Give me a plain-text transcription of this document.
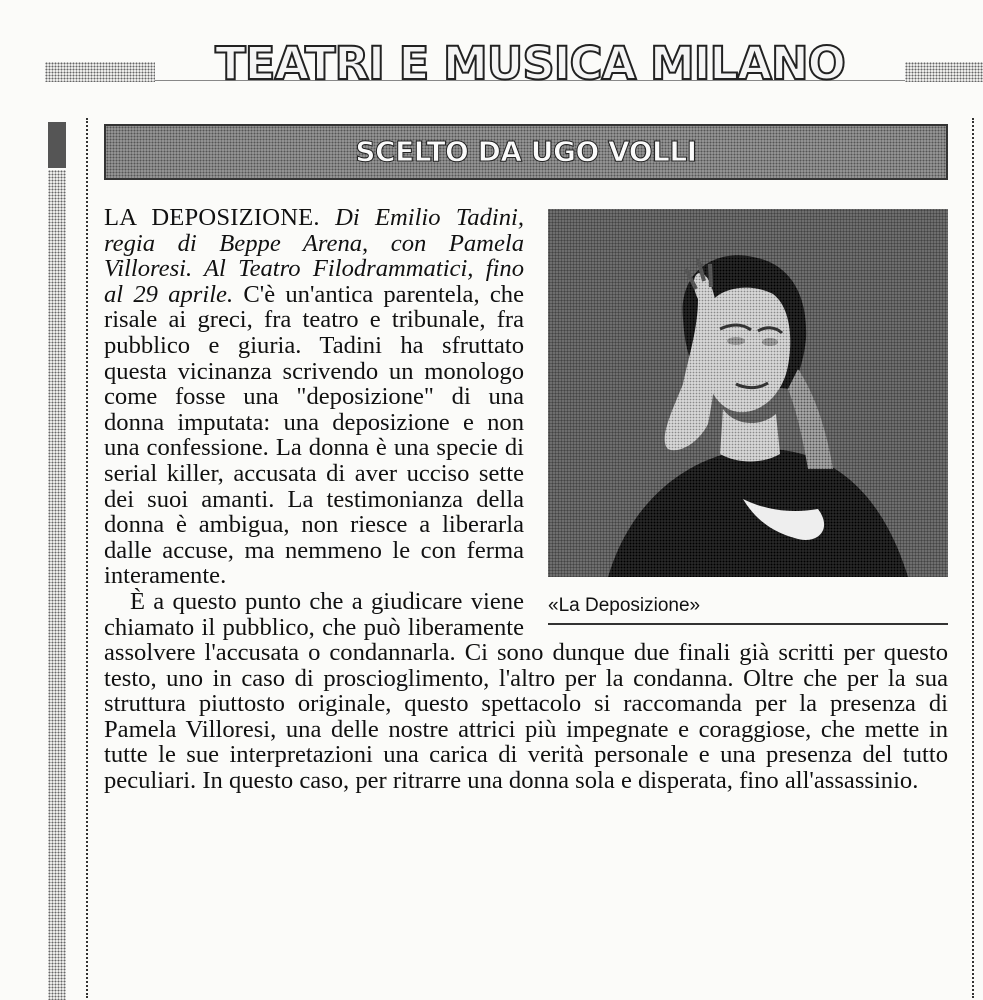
TEATRI E MUSICA MILANO
SCELTO DA UGO VOLLI
«La Deposizione»

LA DEPOSIZIONE. Di Emilio Tadini, regia di Beppe Arena, con Pamela Villoresi. Al Teatro Filodrammatici, fino al 29 aprile. C'è un'antica parentela, che risale ai greci, fra teatro e tribunale, fra pubblico e giuria. Tadini ha sfruttato questa vicinanza scrivendo un monologo come fosse una "deposizione" di una donna imputata: una deposizione e non una confessione. La donna è una specie di serial killer, accusata di aver ucciso sette dei suoi amanti. La testimonianza della donna è ambigua, non riesce a liberarla dalle accuse, ma nemmeno le con ferma interamente.

È a questo punto che a giudicare viene chiamato il pubblico, che può liberamente assolvere l'accusata o condannarla. Ci sono dunque due finali già scritti per questo testo, uno in caso di proscioglimento, l'altro per la condanna. Oltre che per la sua struttura piuttosto originale, questo spettacolo si raccomanda per la presenza di Pamela Villoresi, una delle nostre attrici più impegnate e coraggiose, che mette in tutte le sue interpretazioni una carica di verità personale e una presenza del tutto peculiari. In questo caso, per ritrarre una donna sola e disperata, fino all'assassinio.
